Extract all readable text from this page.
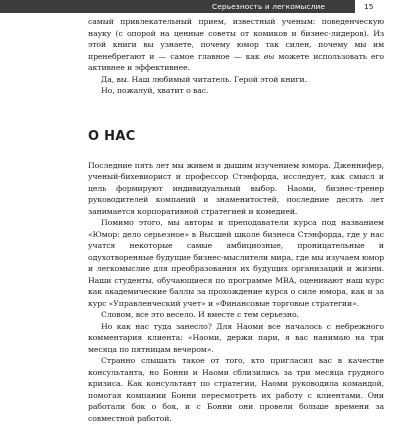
Серьезность и легкомыслие	15

самый привлекательный прием, известный ученым: поведенческую науку (с опорой на ценные советы от комиков и бизнес-лидеров). Из этой книги вы узнаете, почему юмор так силен, почему мы им пренебрегают и — самое главное — как вы можете использовать его активнее и эффективнее.

Да, вы. Наш любимый читатель. Герой этой книги.

Но, пожалуй, хватит о вас.

О НАС

Последние пять лет мы живем и дышим изучением юмора. Дженнифер, ученый-бихевиорист и профессор Стэнфорда, исследует, как смысл и цель формируют индивидуальный выбор. Наоми, бизнес-тренер руководителей компаний и знаменитостей, последние десять лет занимается корпоративной стратегией и комедией.

Помимо этого, мы авторы и преподаватели курса под названием «Юмор: дело серьезное» в Высшей школе бизнеса Стэнфорда, где у нас учатся некоторые самые амбициозные, проницательные и одухотворенные будущие бизнес-мыслители мира, где мы изучаем юмор и легкомыслие для преобразования их будущих организаций и жизни. Наши студенты, обучающиеся по программе MBA, оценивают наш курс как академические баллы за прохождение курса о силе юмора, как и за курс «Управленческий учет» и «Финансовые торговые стратегии».

Словом, все это весело. И вместе с тем серьезно.

Но как нас туда занесло? Для Наоми все началось с небрежного комментария клиента: «Наоми, держи пари, я вас нанимаю на три месяца по пятницам вечером».

Странно слышать такое от того, кто пригласил вас в качестве консультанта, но Бонни и Наоми сблизились за три месяца грудного кризиса. Как консультант по стратегии, Наоми руководила командой, помогая компании Бонни пересмотреть их работу с клиентами. Они работали бок о бок, и с Бонни они провели больше времени за совместной работой.
